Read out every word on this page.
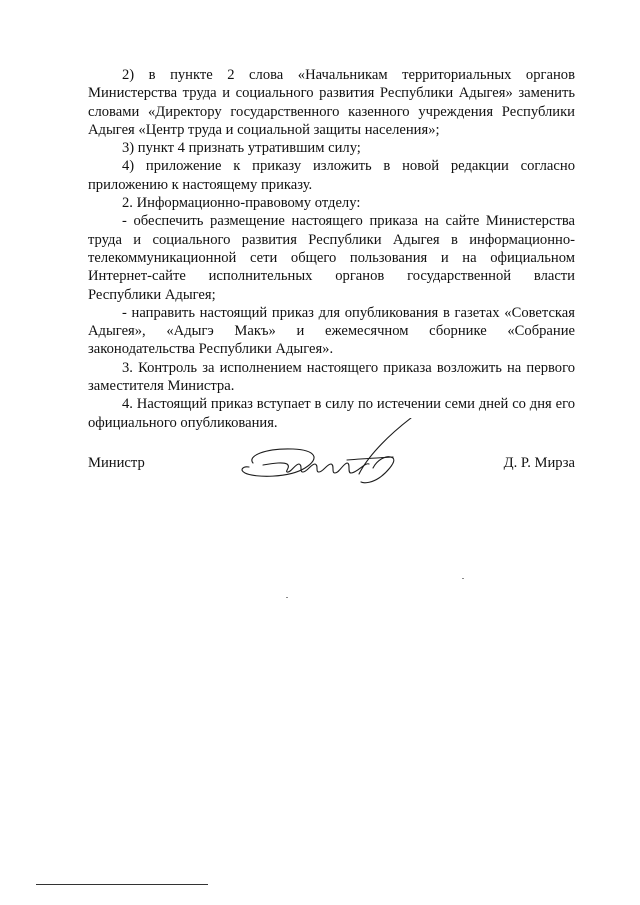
2) в пункте 2 слова «Начальникам территориальных органов Министерства труда и социального развития Республики Адыгея» заменить словами «Директору государственного казенного учреждения Республики Адыгея «Центр труда и социальной защиты населения»;

3) пункт 4 признать утратившим силу;

4) приложение к приказу изложить в новой редакции согласно приложению к настоящему приказу.

2. Информационно-правовому отделу:

- обеспечить размещение настоящего приказа на сайте Министерства труда и социального развития Республики Адыгея в информационно-телекоммуникационной сети общего пользования и на официальном Интернет-сайте исполнительных органов государственной власти Республики Адыгея;

- направить настоящий приказ для опубликования в газетах «Советская Адыгея», «Адыгэ Макъ» и ежемесячном сборнике «Собрание законодательства Республики Адыгея».

3. Контроль за исполнением настоящего приказа возложить на первого заместителя Министра.

4. Настоящий приказ вступает в силу по истечении семи дней со дня его официального опубликования.

Министр	Д. Р. Мирза
